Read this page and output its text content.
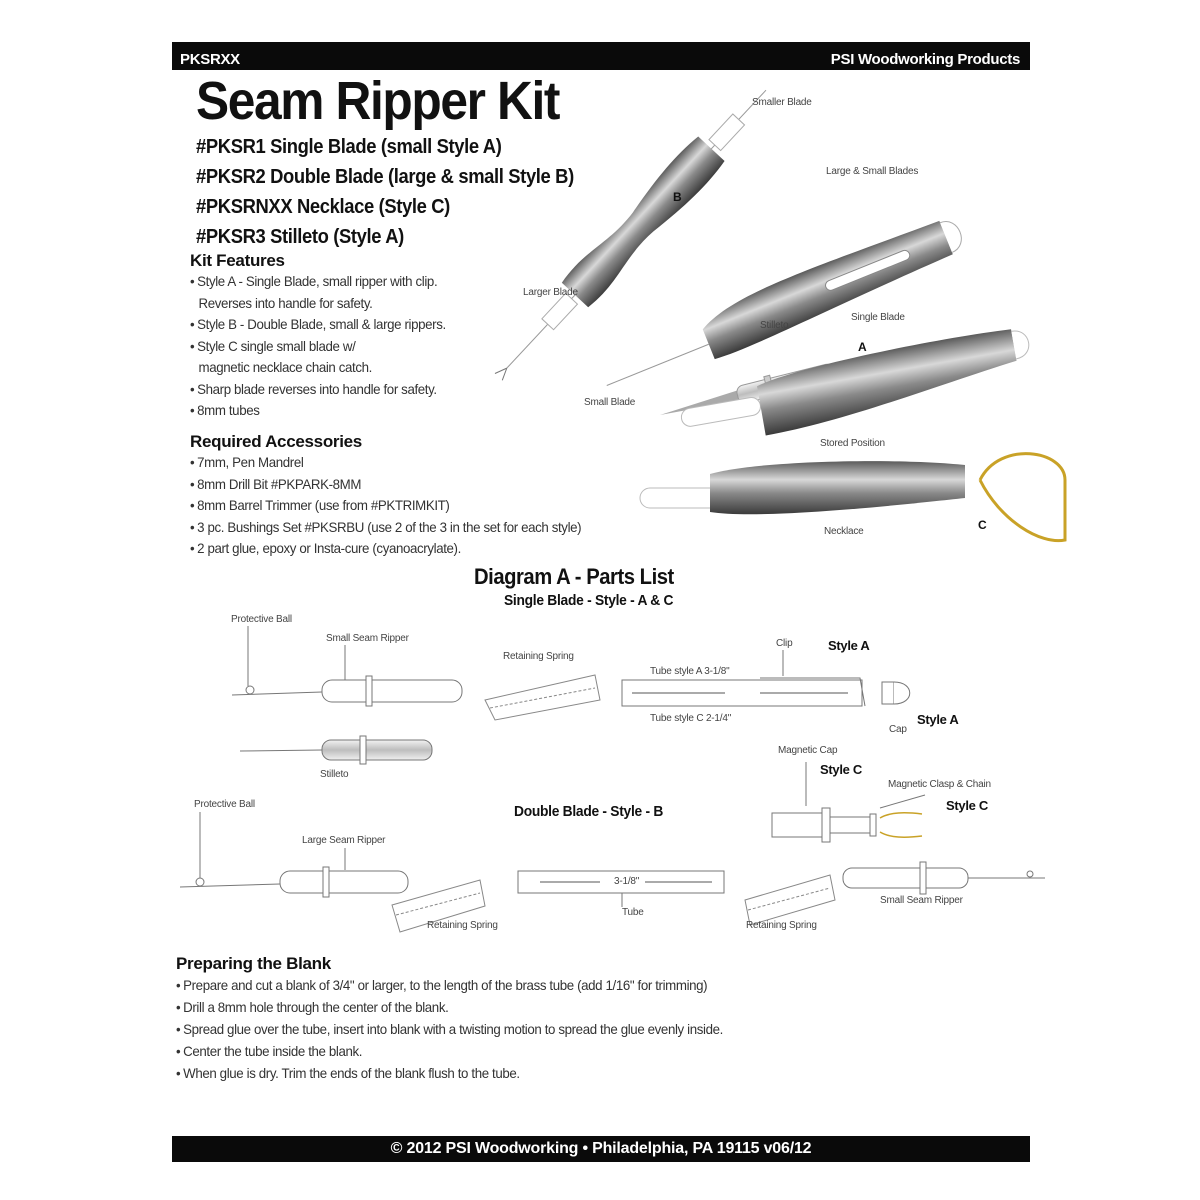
PKSRXX	PSI Woodworking Products
Seam Ripper Kit
#PKSR1 Single Blade (small Style A)
#PKSR2 Double Blade (large & small Style B)
#PKSRNXX Necklace (Style C)
#PKSR3 Stilleto (Style A)
Kit Features
• Style A - Single Blade, small ripper with clip.
Reverses into handle for safety.
• Style B - Double Blade, small & large rippers.
• Style C single small blade w/
magnetic necklace chain catch.
• Sharp blade reverses into handle for safety.
• 8mm tubes
Required Accessories
• 7mm, Pen Mandrel
• 8mm Drill Bit #PKPARK-8MM
• 8mm Barrel Trimmer (use from #PKTRIMKIT)
• 3 pc. Bushings Set #PKSRBU (use 2 of the 3 in the set for each style)
• 2 part glue, epoxy or Insta-cure (cyanoacrylate).
Smaller Blade
Large & Small Blades
B
Larger Blade
Stilleto
Single Blade
A
Small Blade
Stored Position
Necklace	C
Diagram A - Parts List
Single Blade - Style - A & C
Double Blade - Style - B
Protective Ball
Small Seam Ripper
Retaining Spring
Clip	Style A
Tube style A 3-1/8"
Tube style C 2-1/4"
Cap
Style A
Stilleto
Magnetic Cap
Style C
Magnetic Clasp & Chain
Style C
Protective Ball
Large Seam Ripper
3-1/8"
Tube
Retaining Spring	Retaining Spring
Small Seam Ripper
Preparing the Blank
• Prepare and cut a blank of 3/4" or larger, to the length of the brass tube (add 1/16" for trimming)
• Drill a 8mm hole through the center of the blank.
• Spread glue over the tube, insert into blank with a twisting motion to spread the glue evenly inside.
• Center the tube inside the blank.
• When glue is dry. Trim the ends of the blank flush to the tube.
© 2012 PSI Woodworking • Philadelphia, PA 19115 v06/12
